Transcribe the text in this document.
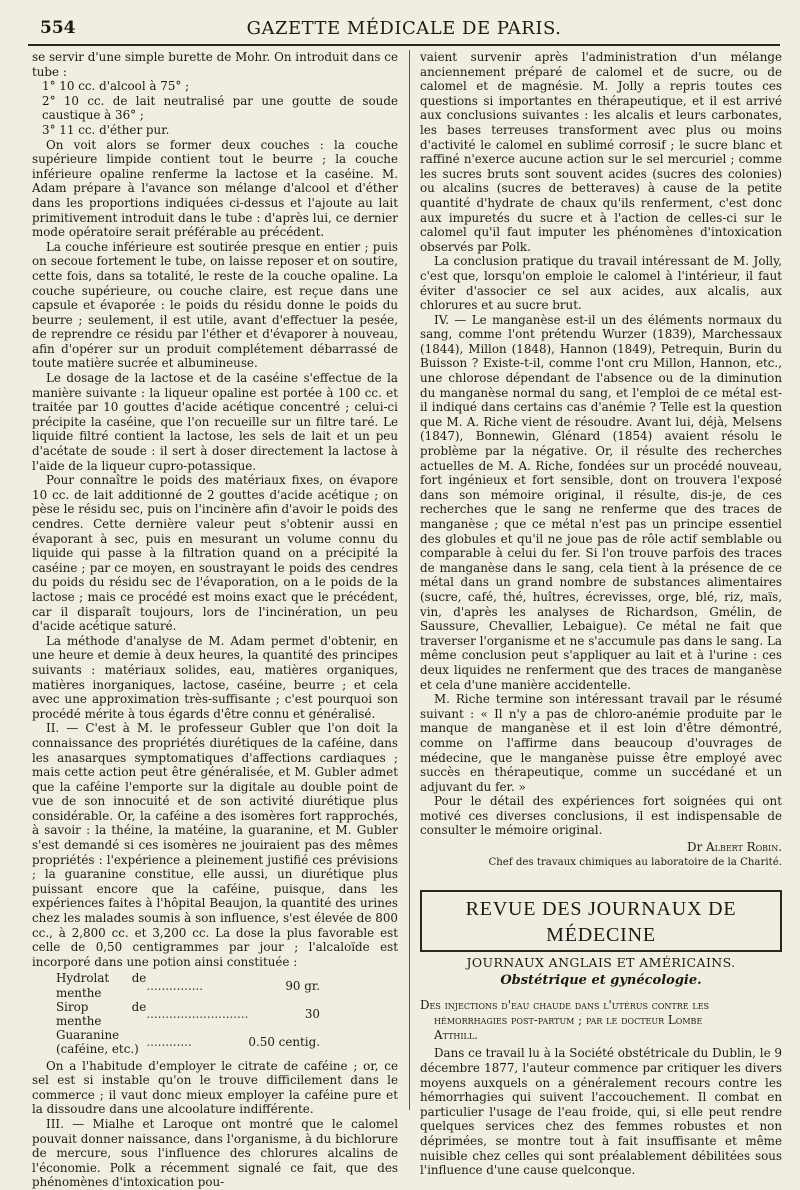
554	GAZETTE MÉDICALE DE PARIS.

se servir d'une simple burette de Mohr. On introduit dans ce tube :

1° 10 cc. d'alcool à 75° ;

2° 10 cc. de lait neutralisé par une goutte de soude caustique à 36° ;

3° 11 cc. d'éther pur.

On voit alors se former deux couches : la couche supérieure limpide contient tout le beurre ; la couche inférieure opaline renferme la lactose et la caséine. M. Adam prépare à l'avance son mélange d'alcool et d'éther dans les proportions indiquées ci-dessus et l'ajoute au lait primitivement introduit dans le tube : d'après lui, ce dernier mode opératoire serait préférable au précédent.

La couche inférieure est soutirée presque en entier ; puis on secoue fortement le tube, on laisse reposer et on soutire, cette fois, dans sa totalité, le reste de la couche opaline. La couche supérieure, ou couche claire, est reçue dans une capsule et évaporée : le poids du résidu donne le poids du beurre ; seulement, il est utile, avant d'effectuer la pesée, de reprendre ce résidu par l'éther et d'évaporer à nouveau, afin d'opérer sur un produit complétement débarrassé de toute matière sucrée et albumineuse.

Le dosage de la lactose et de la caséine s'effectue de la manière suivante : la liqueur opaline est portée à 100 cc. et traitée par 10 gouttes d'acide acétique concentré ; celui-ci précipite la caséine, que l'on recueille sur un filtre taré. Le liquide filtré contient la lactose, les sels de lait et un peu d'acétate de soude : il sert à doser directement la lactose à l'aide de la liqueur cupro-potassique.

Pour connaître le poids des matériaux fixes, on évapore 10 cc. de lait additionné de 2 gouttes d'acide acétique ; on pèse le résidu sec, puis on l'incinère afin d'avoir le poids des cendres. Cette dernière valeur peut s'obtenir aussi en évaporant à sec, puis en mesurant un volume connu du liquide qui passe à la filtration quand on a précipité la caséine ; par ce moyen, en soustrayant le poids des cendres du poids du résidu sec de l'évaporation, on a le poids de la lactose ; mais ce procédé est moins exact que le précédent, car il disparaît toujours, lors de l'incinération, un peu d'acide acétique saturé.

La méthode d'analyse de M. Adam permet d'obtenir, en une heure et demie à deux heures, la quantité des principes suivants : matériaux solides, eau, matières organiques, matières inorganiques, lactose, caséine, beurre ; et cela avec une approximation très-suffisante ; c'est pourquoi son procédé mérite à tous égards d'être connu et généralisé.

II. — C'est à M. le professeur Gubler que l'on doit la connaissance des propriétés diurétiques de la caféine, dans les anasarques symptomatiques d'affections cardiaques ; mais cette action peut être généralisée, et M. Gubler admet que la caféine l'emporte sur la digitale au double point de vue de son innocuité et de son activité diurétique plus considérable. Or, la caféine a des isomères fort rapprochés, à savoir : la théine, la matéine, la guaranine, et M. Gubler s'est demandé si ces isomères ne jouiraient pas des mêmes propriétés : l'expérience a pleinement justifié ces prévisions ; la guaranine constitue, elle aussi, un diurétique plus puissant encore que la caféine, puisque, dans les expériences faites à l'hôpital Beaujon, la quantité des urines chez les malades soumis à son influence, s'est élevée de 800 cc., à 2,800 cc. et 3,200 cc. La dose la plus favorable est celle de 0,50 centigrammes par jour ; l'alcaloïde est incorporé dans une potion ainsi constituée :

Hydrolat de menthe	...............	90 gr.
Sirop de menthe	...........................	30
Guaranine (caféine, etc.)	............	0.50 centig.

On a l'habitude d'employer le citrate de caféine ; or, ce sel est si instable qu'on le trouve difficilement dans le commerce ; il vaut donc mieux employer la caféine pure et la dissoudre dans une alcoolature indifférente.

III. — Mialhe et Laroque ont montré que le calomel pouvait donner naissance, dans l'organisme, à du bichlorure de mercure, sous l'influence des chlorures alcalins de l'économie. Polk a récemment signalé ce fait, que des phénomènes d'intoxication pou-

vaient survenir après l'administration d'un mélange anciennement préparé de calomel et de sucre, ou de calomel et de magnésie. M. Jolly a repris toutes ces questions si importantes en thérapeutique, et il est arrivé aux conclusions suivantes : les alcalis et leurs carbonates, les bases terreuses transforment avec plus ou moins d'activité le calomel en sublimé corrosif ; le sucre blanc et raffiné n'exerce aucune action sur le sel mercuriel ; comme les sucres bruts sont souvent acides (sucres des colonies) ou alcalins (sucres de betteraves) à cause de la petite quantité d'hydrate de chaux qu'ils renferment, c'est donc aux impuretés du sucre et à l'action de celles-ci sur le calomel qu'il faut imputer les phénomènes d'intoxication observés par Polk.

La conclusion pratique du travail intéressant de M. Jolly, c'est que, lorsqu'on emploie le calomel à l'intérieur, il faut éviter d'associer ce sel aux acides, aux alcalis, aux chlorures et au sucre brut.

IV. — Le manganèse est-il un des éléments normaux du sang, comme l'ont prétendu Wurzer (1839), Marchessaux (1844), Millon (1848), Hannon (1849), Petrequin, Burin du Buisson ? Existe-t-il, comme l'ont cru Millon, Hannon, etc., une chlorose dépendant de l'absence ou de la diminution du manganèse normal du sang, et l'emploi de ce métal est-il indiqué dans certains cas d'anémie ? Telle est la question que M. A. Riche vient de résoudre. Avant lui, déjà, Melsens (1847), Bonnewin, Glénard (1854) avaient résolu le problème par la négative. Or, il résulte des recherches actuelles de M. A. Riche, fondées sur un procédé nouveau, fort ingénieux et fort sensible, dont on trouvera l'exposé dans son mémoire original, il résulte, dis-je, de ces recherches que le sang ne renferme que des traces de manganèse ; que ce métal n'est pas un principe essentiel des globules et qu'il ne joue pas de rôle actif semblable ou comparable à celui du fer. Si l'on trouve parfois des traces de manganèse dans le sang, cela tient à la présence de ce métal dans un grand nombre de substances alimentaires (sucre, café, thé, huîtres, écrevisses, orge, blé, riz, maïs, vin, d'après les analyses de Richardson, Gmélin, de Saussure, Chevallier, Lebaigue). Ce métal ne fait que traverser l'organisme et ne s'accumule pas dans le sang. La même conclusion peut s'appliquer au lait et à l'urine : ces deux liquides ne renferment que des traces de manganèse et cela d'une manière accidentelle.

M. Riche termine son intéressant travail par le résumé suivant : « Il n'y a pas de chloro-anémie produite par le manque de manganèse et il est loin d'être démontré, comme on l'affirme dans beaucoup d'ouvrages de médecine, que le manganèse puisse être employé avec succès en thérapeutique, comme un succédané et un adjuvant du fer. »

Pour le détail des expériences fort soignées qui ont motivé ces diverses conclusions, il est indispensable de consulter le mémoire original.

Dr Albert Robin.
Chef des travaux chimiques au laboratoire de la Charité.
REVUE DES JOURNAUX DE MÉDECINE
JOURNAUX ANGLAIS ET AMÉRICAINS.
Obstétrique et gynécologie.
Des injections d'eau chaude dans l'utérus contre les
hémorrhagies post-partum ; par le docteur Lombe
Atthill.

Dans ce travail lu à la Société obstétricale du Dublin, le 9 décembre 1877, l'auteur commence par critiquer les divers moyens auxquels on a généralement recours contre les hémorrhagies qui suivent l'accouchement. Il combat en particulier l'usage de l'eau froide, qui, si elle peut rendre quelques services chez des femmes robustes et non déprimées, se montre tout à fait insuffisante et même nuisible chez celles qui sont préalablement débilitées sous l'influence d'une cause quelconque.
